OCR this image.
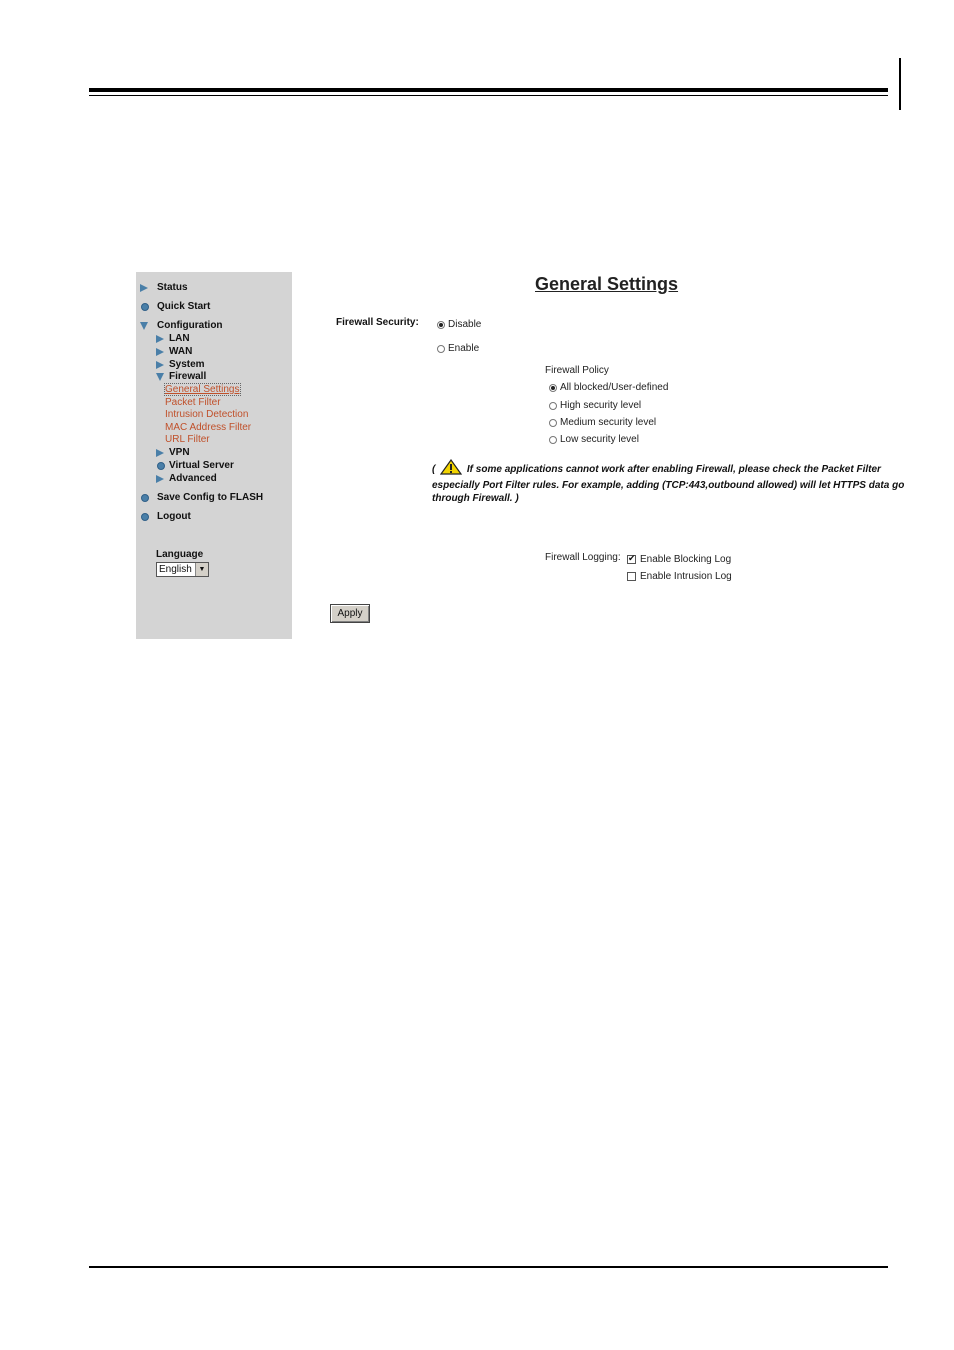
Status
Quick Start
Configuration
LAN
WAN
System
Firewall
General Settings
Packet Filter
Intrusion Detection
MAC Address Filter
URL Filter
VPN
Virtual Server
Advanced
Save Config to FLASH
Logout
Language
English ▼
General Settings
Firewall Security:	Disable
Enable
Firewall Policy
All blocked/User-defined
High security level
Medium security level
Low security level
(	If some applications cannot work after enabling Firewall, please check the Packet Filter especially Port Filter rules. For example, adding (TCP:443,outbound allowed) will let HTTPS data go through Firewall. )
Firewall Logging:
✔ Enable Blocking Log
Enable Intrusion Log
Apply
